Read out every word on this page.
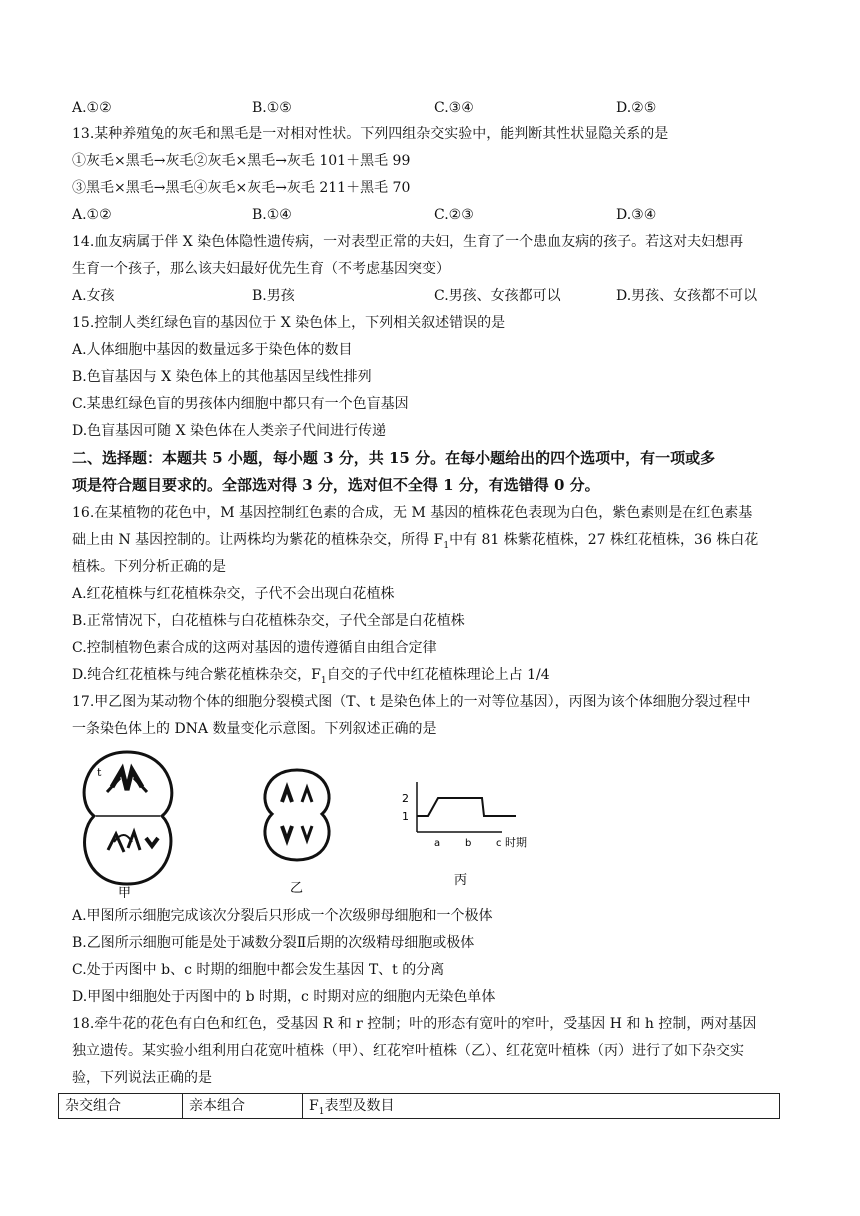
A.①②	B.①⑤	C.③④	D.②⑤
13.某种养殖兔的灰毛和黑毛是一对相对性状。下列四组杂交实验中，能判断其性状显隐关系的是
①灰毛×黑毛→灰毛②灰毛×黑毛→灰毛 101＋黑毛 99
③黑毛×黑毛→黑毛④灰毛×灰毛→灰毛 211＋黑毛 70
A.①②	B.①④	C.②③	D.③④
14.血友病属于伴 X 染色体隐性遗传病，一对表型正常的夫妇，生育了一个患血友病的孩子。若这对夫妇想再
生育一个孩子，那么该夫妇最好优先生育（不考虑基因突变）
A.女孩	B.男孩	C.男孩、女孩都可以	D.男孩、女孩都不可以
15.控制人类红绿色盲的基因位于 X 染色体上，下列相关叙述错误的是
A.人体细胞中基因的数量远多于染色体的数目
B.色盲基因与 X 染色体上的其他基因呈线性排列
C.某患红绿色盲的男孩体内细胞中都只有一个色盲基因
D.色盲基因可随 X 染色体在人类亲子代间进行传递
二、选择题：本题共 5 小题，每小题 3 分，共 15 分。在每小题给出的四个选项中，有一项或多
项是符合题目要求的。全部选对得 3 分，选对但不全得 1 分，有选错得 0 分。
16.在某植物的花色中，M 基因控制红色素的合成，无 M 基因的植株花色表现为白色，紫色素则是在红色素基
础上由 N 基因控制的。让两株均为紫花的植株杂交，所得 $F_1$中有 81 株紫花植株，27 株红花植株，36 株白花
植株。下列分析正确的是
A.红花植株与红花植株杂交，子代不会出现白花植株
B.正常情况下，白花植株与白花植株杂交，子代全部是白花植株
C.控制植物色素合成的这两对基因的遗传遵循自由组合定律
D.纯合红花植株与纯合紫花植株杂交，$F_1$自交的子代中红花植株理论上占 1/4
17.甲乙图为某动物个体的细胞分裂模式图（T、t 是染色体上的一对等位基因），丙图为该个体细胞分裂过程中
一条染色体上的 DNA 数量变化示意图。下列叙述正确的是
t
甲	乙
2
1
a b c 时期
丙
A.甲图所示细胞完成该次分裂后只形成一个次级卵母细胞和一个极体
B.乙图所示细胞可能是处于减数分裂Ⅱ后期的次级精母细胞或极体
C.处于丙图中 b、c 时期的细胞中都会发生基因 T、t 的分离
D.甲图中细胞处于丙图中的 b 时期，c 时期对应的细胞内无染色单体
18.牵牛花的花色有白色和红色，受基因 R 和 r 控制；叶的形态有宽叶的窄叶，受基因 H 和 h 控制，两对基因
独立遗传。某实验小组利用白花宽叶植株（甲）、红花窄叶植株（乙）、红花宽叶植株（丙）进行了如下杂交实
验，下列说法正确的是
杂交组合	亲本组合	$F_1$表型及数目
